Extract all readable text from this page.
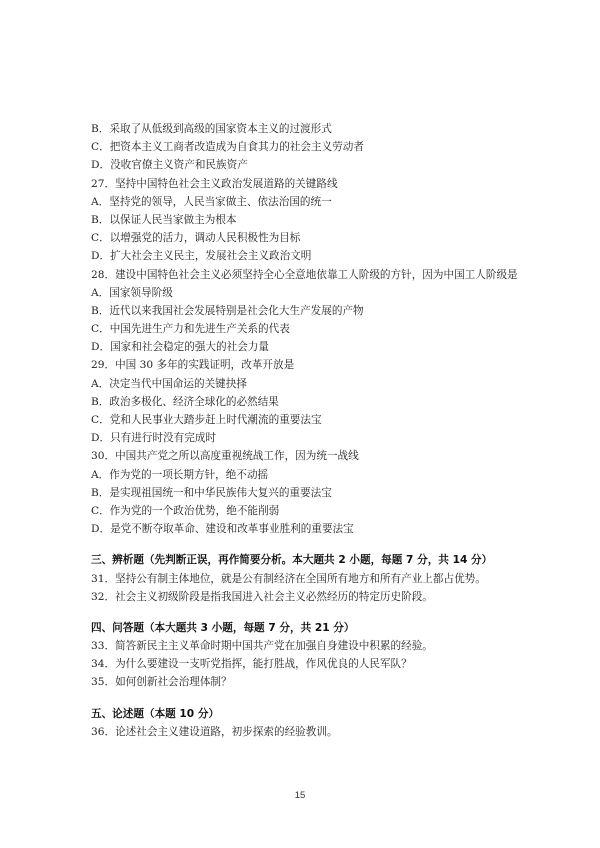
B．采取了从低级到高级的国家资本主义的过渡形式
C．把资本主义工商者改造成为自食其力的社会主义劳动者
D．没收官僚主义资产和民族资产
27．坚持中国特色社会主义政治发展道路的关键路线
A．坚持党的领导，人民当家做主、依法治国的统一
B．以保证人民当家做主为根本
C．以增强党的活力，调动人民积极性为目标
D．扩大社会主义民主，发展社会主义政治文明
28．建设中国特色社会主义必须坚持全心全意地依靠工人阶级的方针，因为中国工人阶级是
A．国家领导阶级
B．近代以来我国社会发展特别是社会化大生产发展的产物
C．中国先进生产力和先进生产关系的代表
D．国家和社会稳定的强大的社会力量
29．中国 30 多年的实践证明，改革开放是
A．决定当代中国命运的关键抉择
B．政治多极化、经济全球化的必然结果
C．党和人民事业大踏步赶上时代潮流的重要法宝
D．只有进行时没有完成时
30．中国共产党之所以高度重视统战工作，因为统一战线
A．作为党的一项长期方针，绝不动摇
B．是实现祖国统一和中华民族伟大复兴的重要法宝
C．作为党的一个政治优势，绝不能削弱
D．是党不断夺取革命、建设和改革事业胜利的重要法宝
三、辨析题（先判断正误，再作简要分析。本大题共 2 小题，每题 7 分，共 14 分）
31．坚持公有制主体地位，就是公有制经济在全国所有地方和所有产业上都占优势。
32．社会主义初级阶段是指我国进入社会主义必然经历的特定历史阶段。
四、问答题（本大题共 3 小题，每题 7 分，共 21 分）
33．简答新民主主义革命时期中国共产党在加强自身建设中积累的经验。
34．为什么要建设一支听党指挥，能打胜战，作风优良的人民军队？
35．如何创新社会治理体制？
五、论述题（本题 10 分）
36．论述社会主义建设道路，初步探索的经验教训。
15
